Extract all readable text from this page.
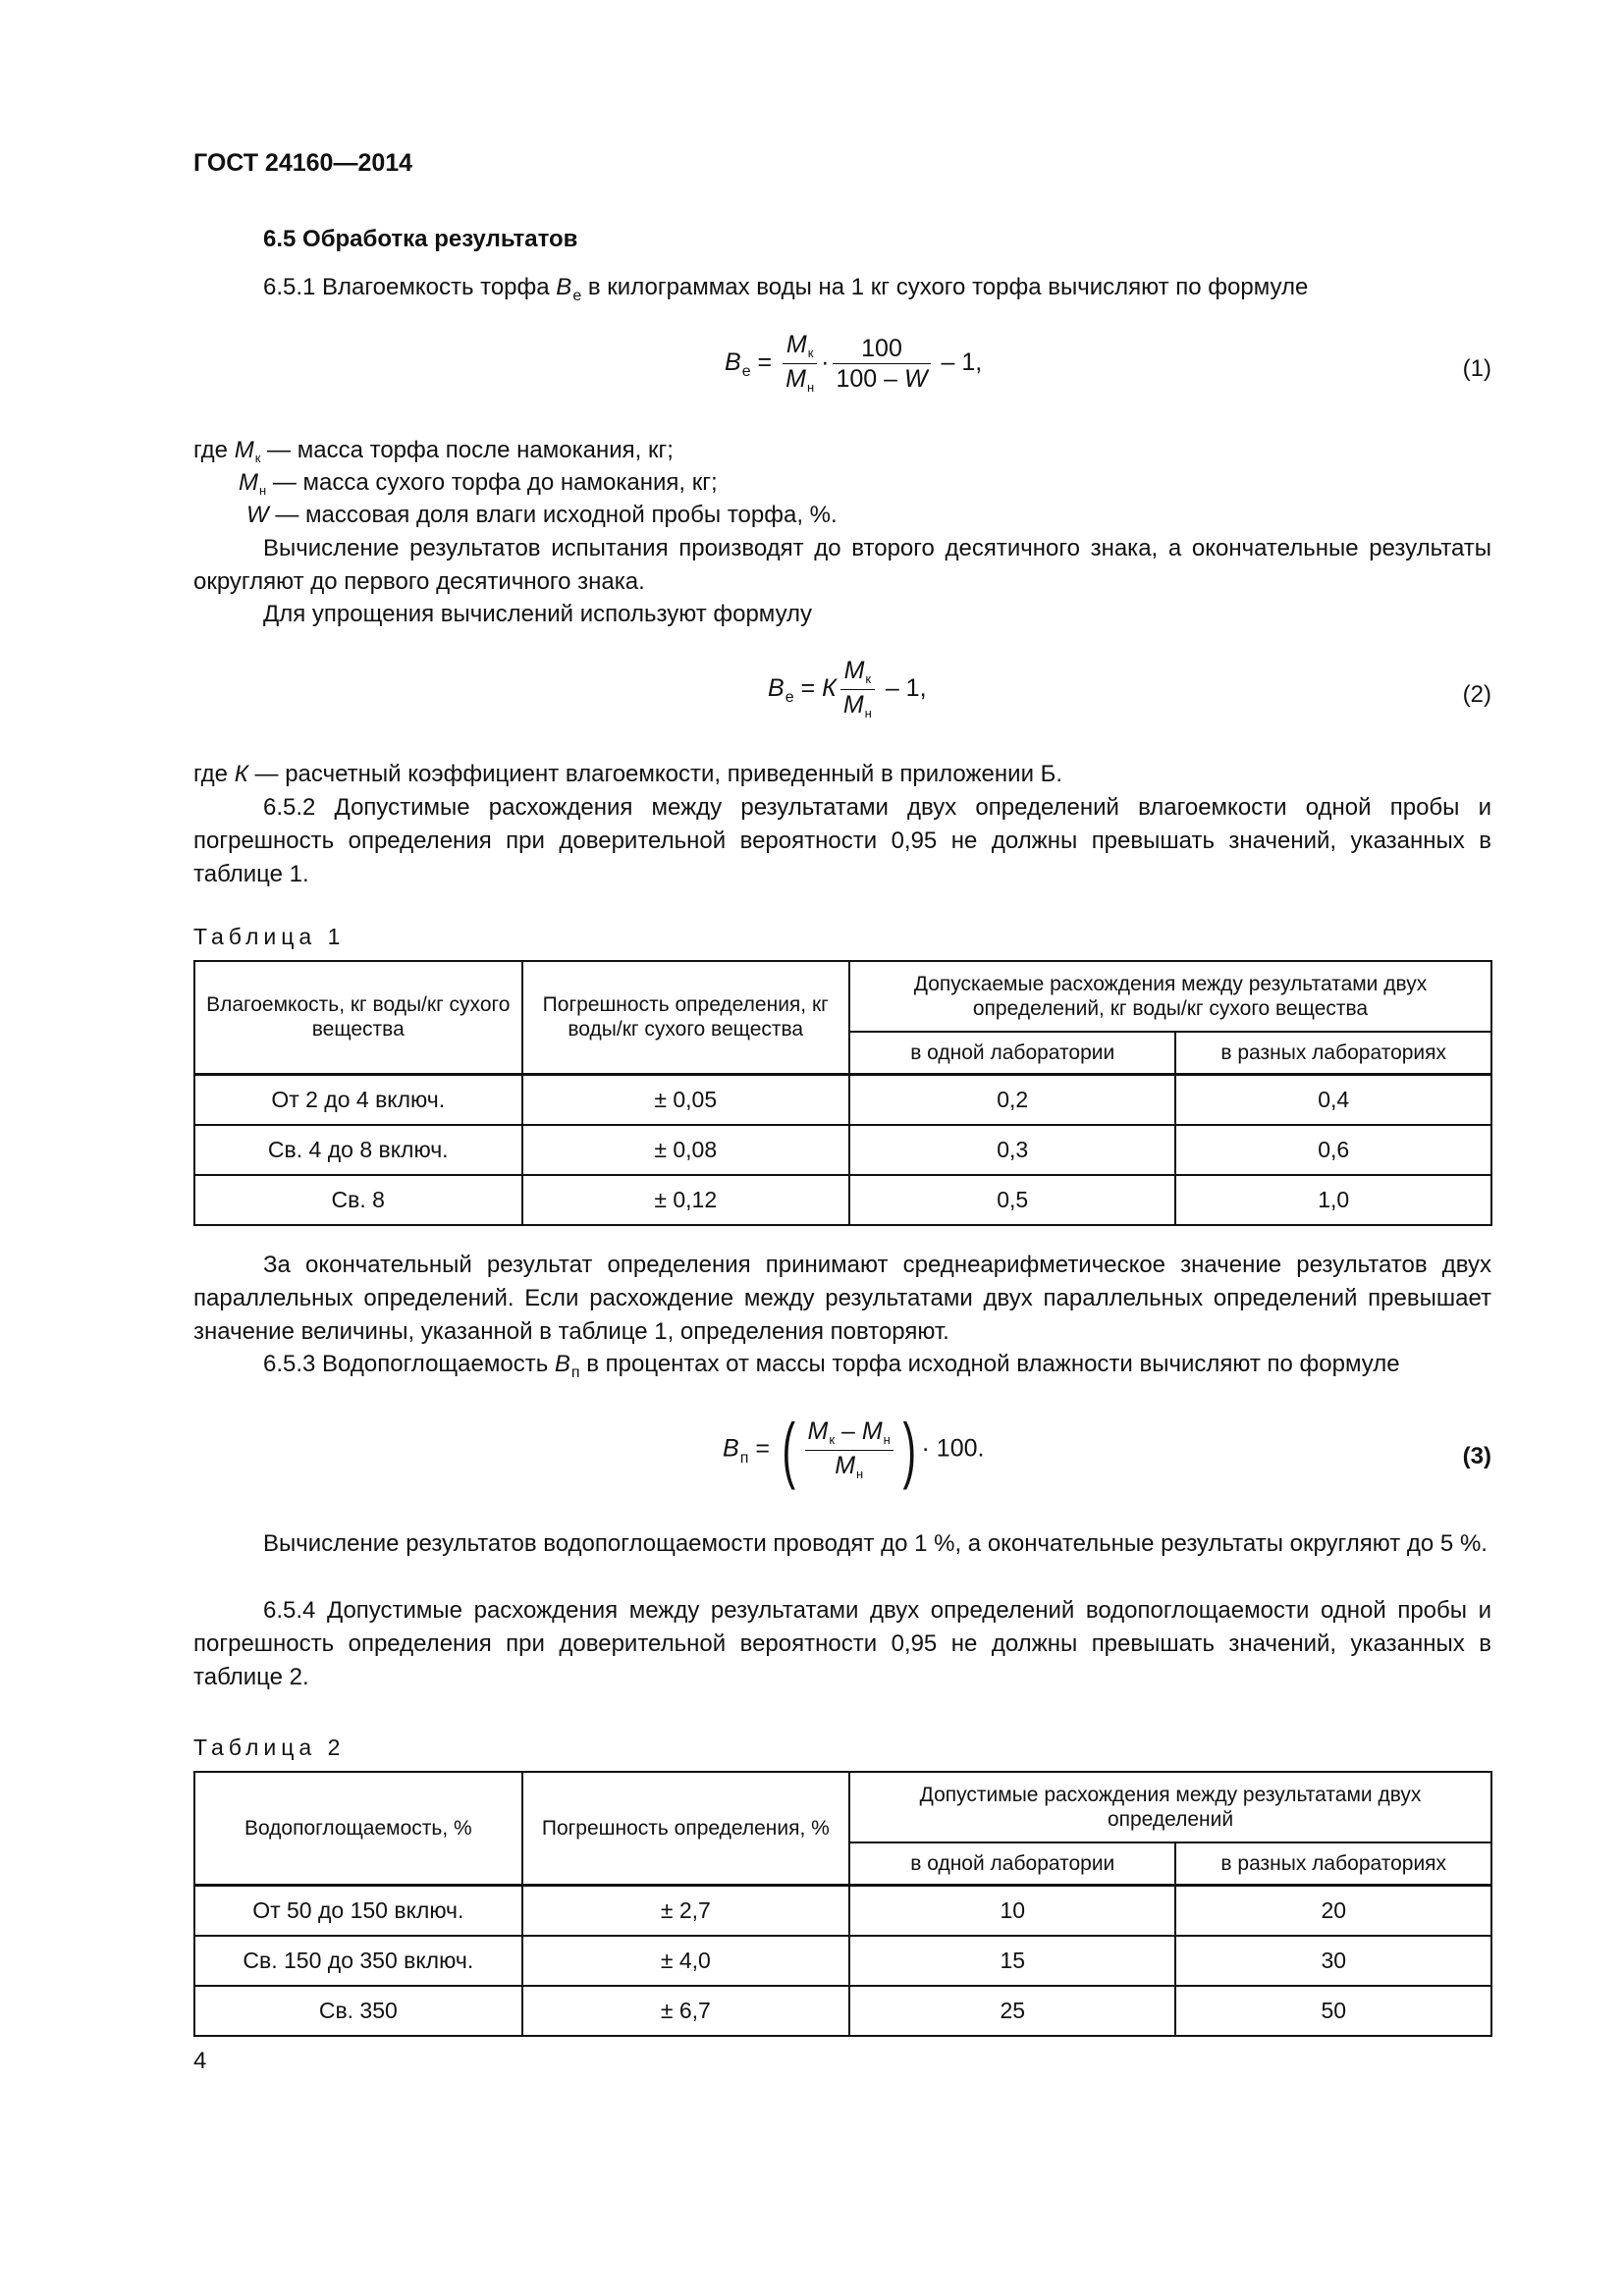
ГОСТ 24160—2014
6.5 Обработка результатов
6.5.1 Влагоемкость торфа $В_е$ в килограммах воды на 1 кг сухого торфа вычисляют по формуле
$В_е = \frac{М_к}{М_н} \cdot \frac{100}{100 - W} - 1$,	(1)
где $М_к$ — масса торфа после намокания, кг;
$М_н$ — масса сухого торфа до намокания, кг;
W — массовая доля влаги исходной пробы торфа, %.
Вычисление результатов испытания производят до второго десятичного знака, а окончательные результаты округляют до первого десятичного знака.
Для упрощения вычислений используют формулу
$В_е = К \frac{М_к}{М_н} - 1$,	(2)
где К — расчетный коэффициент влагоемкости, приведенный в приложении Б.
6.5.2 Допустимые расхождения между результатами двух определений влагоемкости одной пробы и погрешность определения при доверительной вероятности 0,95 не должны превышать значений, указанных в таблице 1.
Таблица 1
Влагоемкость, кг воды/кг сухого вещества	Погрешность определения, кг воды/кг сухого вещества	Допускаемые расхождения между результатами двух определений, кг воды/кг сухого вещества	
		в одной лаборатории	в разных лабораториях
От 2 до 4 включ.	± 0,05	0,2	0,4
Св. 4 до 8 включ.	± 0,08	0,3	0,6
Св. 8	± 0,12	0,5	1,0
За окончательный результат определения принимают среднеарифметическое значение результатов двух параллельных определений. Если расхождение между результатами двух параллельных определений превышает значение величины, указанной в таблице 1, определения повторяют.
6.5.3 Водопоглощаемость $В_п$ в процентах от массы торфа исходной влажности вычисляют по формуле
$В_п$ = ( $\frac{М_к - М_н}{М_н}$ ) · 100.	(3)
Вычисление результатов водопоглощаемости проводят до 1 %, а окончательные результаты округляют до 5 %.
6.5.4 Допустимые расхождения между результатами двух определений водопоглощаемости одной пробы и погрешность определения при доверительной вероятности 0,95 не должны превышать значений, указанных в таблице 2.
Таблица 2
Водопоглощаемость, %	Погрешность определения, %	Допустимые расхождения между результатами двух определений	
		в одной лаборатории	в разных лабораториях
От 50 до 150 включ.	± 2,7	10	20
Св. 150 до 350 включ.	± 4,0	15	30
Св. 350	± 6,7	25	50
4
